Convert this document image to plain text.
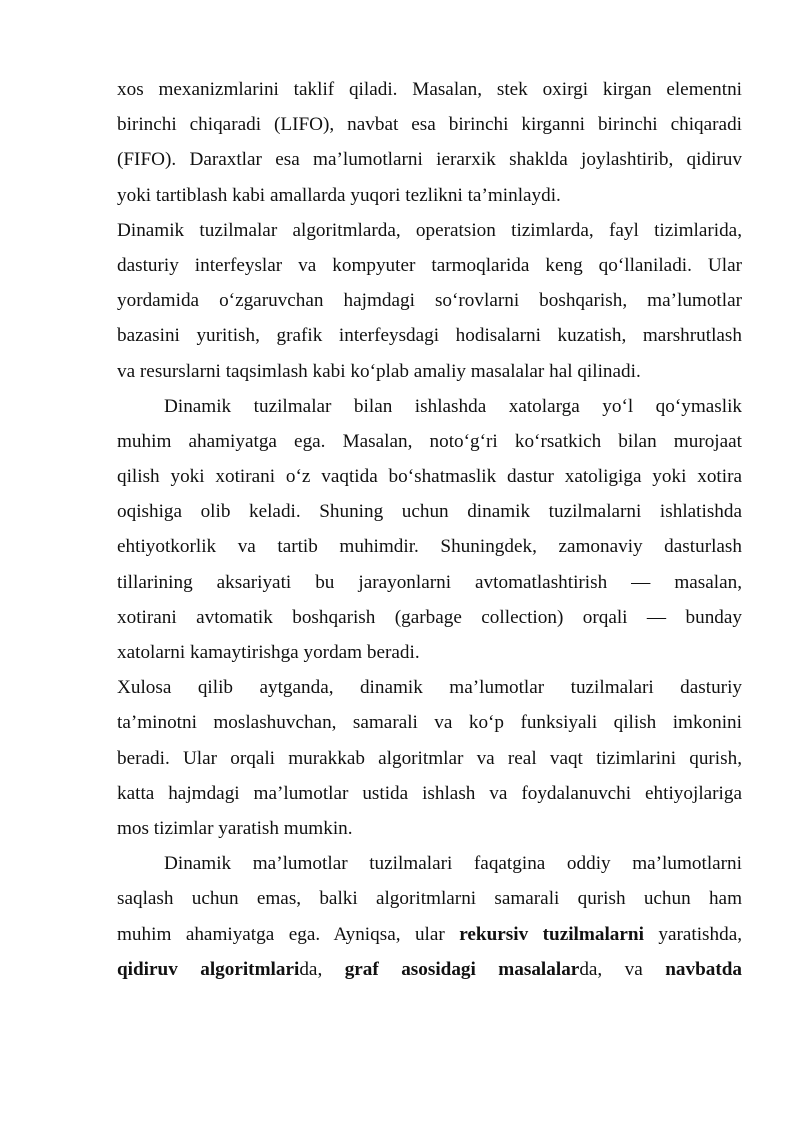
xos mexanizmlarini taklif qiladi. Masalan, stek oxirgi kirgan elementni
birinchi chiqaradi (LIFO), navbat esa birinchi kirganni birinchi chiqaradi
(FIFO). Daraxtlar esa ma’lumotlarni ierarxik shaklda joylashtirib, qidiruv
yoki tartiblash kabi amallarda yuqori tezlikni ta’minlaydi.
Dinamik tuzilmalar algoritmlarda, operatsion tizimlarda, fayl tizimlarida,
dasturiy interfeyslar va kompyuter tarmoqlarida keng qo‘llaniladi. Ular
yordamida o‘zgaruvchan hajmdagi so‘rovlarni boshqarish, ma’lumotlar
bazasini yuritish, grafik interfeysdagi hodisalarni kuzatish, marshrutlash
va resurslarni taqsimlash kabi ko‘plab amaliy masalalar hal qilinadi.
Dinamik tuzilmalar bilan ishlashda xatolarga yo‘l qo‘ymaslik
muhim ahamiyatga ega. Masalan, noto‘g‘ri ko‘rsatkich bilan murojaat
qilish yoki xotirani o‘z vaqtida bo‘shatmaslik dastur xatoligiga yoki xotira
oqishiga olib keladi. Shuning uchun dinamik tuzilmalarni ishlatishda
ehtiyotkorlik va tartib muhimdir. Shuningdek, zamonaviy dasturlash
tillarining aksariyati bu jarayonlarni avtomatlashtirish — masalan,
xotirani avtomatik boshqarish (garbage collection) orqali — bunday
xatolarni kamaytirishga yordam beradi.
Xulosa qilib aytganda, dinamik ma’lumotlar tuzilmalari dasturiy
ta’minotni moslashuvchan, samarali va ko‘p funksiyali qilish imkonini
beradi. Ular orqali murakkab algoritmlar va real vaqt tizimlarini qurish,
katta hajmdagi ma’lumotlar ustida ishlash va foydalanuvchi ehtiyojlariga
mos tizimlar yaratish mumkin.
Dinamik ma’lumotlar tuzilmalari faqatgina oddiy ma’lumotlarni
saqlash uchun emas, balki algoritmlarni samarali qurish uchun ham
muhim ahamiyatga ega. Ayniqsa, ular rekursiv tuzilmalarni yaratishda,
qidiruv algoritmlarida, graf asosidagi masalalarda, va navbatda
